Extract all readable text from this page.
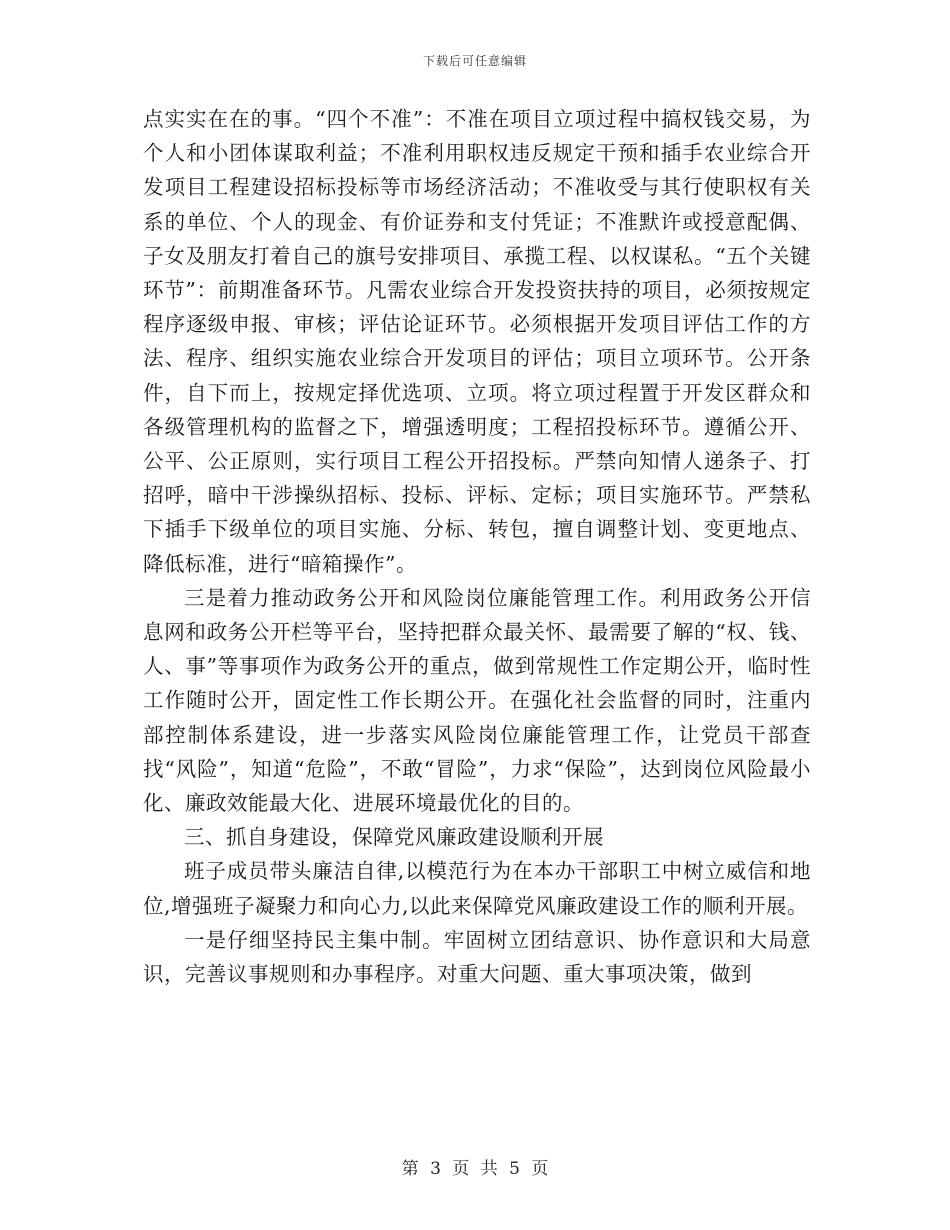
下载后可任意编辑

点实实在在的事。“四个不准”：不准在项目立项过程中搞权钱交易，为个人和小团体谋取利益；不准利用职权违反规定干预和插手农业综合开发项目工程建设招标投标等市场经济活动；不准收受与其行使职权有关系的单位、个人的现金、有价证券和支付凭证；不准默许或授意配偶、子女及朋友打着自己的旗号安排项目、承揽工程、以权谋私。“五个关键环节”：前期准备环节。凡需农业综合开发投资扶持的项目，必须按规定程序逐级申报、审核；评估论证环节。必须根据开发项目评估工作的方法、程序、组织实施农业综合开发项目的评估；项目立项环节。公开条件，自下而上，按规定择优选项、立项。将立项过程置于开发区群众和各级管理机构的监督之下，增强透明度；工程招投标环节。遵循公开、公平、公正原则，实行项目工程公开招投标。严禁向知情人递条子、打招呼，暗中干涉操纵招标、投标、评标、定标；项目实施环节。严禁私下插手下级单位的项目实施、分标、转包，擅自调整计划、变更地点、降低标准，进行“暗箱操作”。

三是着力推动政务公开和风险岗位廉能管理工作。利用政务公开信息网和政务公开栏等平台，坚持把群众最关怀、最需要了解的“权、钱、人、事”等事项作为政务公开的重点，做到常规性工作定期公开，临时性工作随时公开，固定性工作长期公开。在强化社会监督的同时，注重内部控制体系建设，进一步落实风险岗位廉能管理工作，让党员干部查找“风险”，知道“危险”，不敢“冒险”，力求“保险”，达到岗位风险最小化、廉政效能最大化、进展环境最优化的目的。

三、抓自身建设，保障党风廉政建设顺利开展

班子成员带头廉洁自律,以模范行为在本办干部职工中树立威信和地位,增强班子凝聚力和向心力,以此来保障党风廉政建设工作的顺利开展。

一是仔细坚持民主集中制。牢固树立团结意识、协作意识和大局意识，完善议事规则和办事程序。对重大问题、重大事项决策，做到

第 3 页 共 5 页
